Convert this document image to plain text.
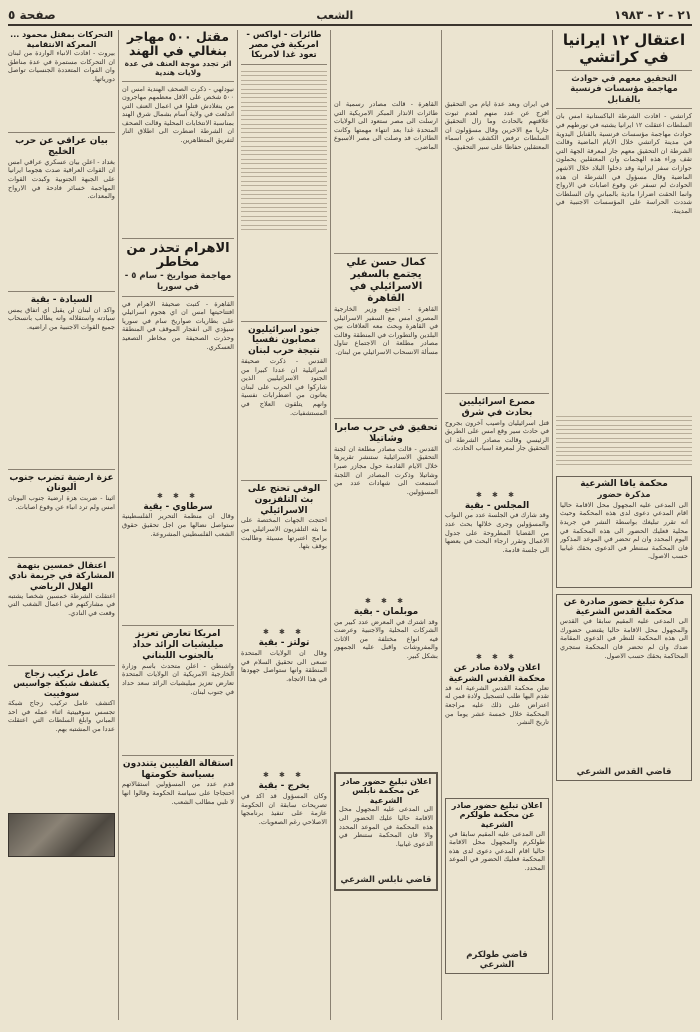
٢١ - ٢ - ١٩٨٣
الشعب
صفحة ٥
اعتقال ١٢ ايرانيا في كراتشي
التحقيق معهم في حوادث مهاجمة مؤسسات فرنسية بالقنابل
كراتشي - افادت الشرطة الباكستانية امس بان السلطات اعتقلت ١٢ ايرانيا يشتبه في تورطهم في حوادث مهاجمة مؤسسات فرنسية بالقنابل اليدوية في مدينة كراتشي خلال الايام الماضية وقالت الشرطة ان التحقيق معهم جار لمعرفة الجهة التي تقف وراء هذه الهجمات وان المعتقلين يحملون جوازات سفر ايرانية وقد دخلوا البلاد خلال الاشهر الماضية وقال مسؤول في الشرطة ان هذه الحوادث لم تسفر عن وقوع اصابات في الارواح وانما الحقت اضرارا مادية بالمباني وان السلطات شددت الحراسة على المؤسسات الاجنبية في المدينة.
محكمة يافا الشرعية
مذكرة حضور
الى المدعى عليه المجهول محل الاقامة حاليا اقام المدعي دعوى لدى هذه المحكمة وحيث انه تقرر تبليغك بواسطة النشر في جريدة محلية فعليك الحضور الى هذه المحكمة في اليوم المحدد وان لم تحضر في الموعد المذكور فان المحكمة ستنظر في الدعوى بحقك غيابيا حسب الاصول.
مذكرة تبليغ حضور صادرة عن محكمة القدس الشرعية
الى المدعى عليه المقيم سابقا في القدس والمجهول محل الاقامة حاليا يقتضي حضورك الى هذه المحكمة للنظر في الدعوى المقامة ضدك وان لم تحضر فان المحكمة ستجري المحاكمة بحقك حسب الاصول.
قاضي القدس الشرعي
في ايران وبعد عدة ايام من التحقيق افرج عن عدد منهم لعدم ثبوت علاقتهم بالحادث وما زال التحقيق جاريا مع الاخرين وقال مسؤولون ان السلطات ترفض الكشف عن اسماء المعتقلين حفاظا على سير التحقيق.
مصرع اسرائيليين بحادث في شرق
قتل اسرائيليان واصيب آخرون بجروح في حادث سير وقع امس على الطريق الرئيسي وقالت مصادر الشرطة ان التحقيق جار لمعرفة اسباب الحادث.
✱ ✱ ✱
المجلس - بقية
وقد شارك في الجلسة عدد من النواب والمسؤولين وجرى خلالها بحث عدد من القضايا المطروحة على جدول الاعمال وتقرر ارجاء البحث في بعضها الى جلسة قادمة.
✱ ✱ ✱
اعلان ولادة صادر عن محكمة القدس الشرعية
تعلن محكمة القدس الشرعية انه قد تقدم اليها طلب لتسجيل ولادة فمن له اعتراض على ذلك عليه مراجعة المحكمة خلال خمسة عشر يوما من تاريخ النشر.
اعلان تبليغ حضور صادر عن محكمة طولكرم الشرعية
الى المدعى عليه المقيم سابقا في طولكرم والمجهول محل الاقامة حاليا اقام المدعي دعوى لدى هذه المحكمة فعليك الحضور في الموعد المحدد.
قاضي طولكرم الشرعي
القاهرة - قالت مصادر رسمية ان طائرات الانذار المبكر الامريكية التي ارسلت الى مصر ستعود الى الولايات المتحدة غدا بعد انتهاء مهمتها وكانت الطائرات قد وصلت الى مصر الاسبوع الماضي.
كمال حسن علي يجتمع بالسفير الاسرائيلي في القاهرة
القاهرة - اجتمع وزير الخارجية المصري امس مع السفير الاسرائيلي في القاهرة وبحث معه العلاقات بين البلدين والتطورات في المنطقة وقالت مصادر مطلعة ان الاجتماع تناول مسألة الانسحاب الاسرائيلي من لبنان.
تحقيق في حرب صابرا وشاتيلا
القدس - قالت مصادر مطلعة ان لجنة التحقيق الاسرائيلية ستنشر تقريرها خلال الايام القادمة حول مجازر صبرا وشاتيلا وذكرت المصادر ان اللجنة استمعت الى شهادات عدد من المسؤولين.
✱ ✱ ✱
موبلمان - بقية
وقد اشترك في المعرض عدد كبير من الشركات المحلية والاجنبية وعرضت فيه انواع مختلفة من الاثاث والمفروشات واقبل عليه الجمهور بشكل كبير.
اعلان تبليغ حضور صادر عن محكمة نابلس الشرعية
الى المدعى عليه المجهول محل الاقامة حاليا عليك الحضور الى هذه المحكمة في الموعد المحدد والا فان المحكمة ستنظر في الدعوى غيابيا.
قاضي نابلس الشرعي
طائرات - اواكس - امريكية في مصر تعود غدا لامريكا
جنود اسرائيليون مصابون نفسيا نتيجة حرب لبنان
القدس - ذكرت صحيفة اسرائيلية ان عددا كبيرا من الجنود الاسرائيليين الذين شاركوا في الحرب على لبنان يعانون من اضطرابات نفسية وانهم يتلقون العلاج في المستشفيات.
الوفي تحتج على بث التلفزيون الاسرائيلي
احتجت الجهات المختصة على ما بثه التلفزيون الاسرائيلي من برامج اعتبرتها مسيئة وطالبت بوقف بثها.
✱ ✱ ✱
تولتز - بقية
وقال ان الولايات المتحدة تسعى الى تحقيق السلام في المنطقة وانها ستواصل جهودها في هذا الاتجاه.
✱ ✱ ✱
يخرج - بقية
وكان المسؤول قد اكد في تصريحات سابقة ان الحكومة عازمة على تنفيذ برنامجها الاصلاحي رغم الصعوبات.
مقتل ٥٠٠ مهاجر بنغالي في الهند
اثر تجدد موجة العنف في عدة ولايات هندية
نيودلهي - ذكرت الصحف الهندية امس ان ٥٠٠ شخص على الاقل معظمهم مهاجرون من بنغلادش قتلوا في اعمال العنف التي اندلعت في ولاية آسام بشمال شرق الهند بمناسبة الانتخابات المحلية وقالت الصحف ان الشرطة اضطرت الى اطلاق النار لتفريق المتظاهرين.
الاهرام تحذر من مخاطر
مهاجمة صواريخ - سام ٥ - في سوريا
القاهرة - كتبت صحيفة الاهرام في افتتاحيتها امس ان اي هجوم اسرائيلي على بطاريات صواريخ سام في سوريا سيؤدي الى انفجار الموقف في المنطقة وحذرت الصحيفة من مخاطر التصعيد العسكري.
✱ ✱ ✱
سرطاوي - بقية
وقال ان منظمة التحرير الفلسطينية ستواصل نضالها من اجل تحقيق حقوق الشعب الفلسطيني المشروعة.
امريكا تعارض تعزيز ميليشيات الرائد حداد بالجنوب اللبناني
واشنطن - اعلن متحدث باسم وزارة الخارجية الامريكية ان الولايات المتحدة تعارض تعزيز ميليشيات الرائد سعد حداد في جنوب لبنان.
استقالة القليبين يتنددون بسياسة حكومتها
قدم عدد من المسؤولين استقالاتهم احتجاجا على سياسة الحكومة وقالوا انها لا تلبي مطالب الشعب.
التحركات بمقتل محمود ... المعركة الانتقامية
بيروت - افادت الانباء الواردة من لبنان ان التحركات مستمرة في عدة مناطق وان القوات المتعددة الجنسيات تواصل دورياتها.
بيان عراقي عن حرب الخليج
بغداد - اعلن بيان عسكري عراقي امس ان القوات العراقية صدت هجوما ايرانيا على الجبهة الجنوبية وكبدت القوات المهاجمة خسائر فادحة في الارواح والمعدات.
السيادة - بقية
واكد ان لبنان لن يقبل اي اتفاق يمس سيادته واستقلاله وانه يطالب بانسحاب جميع القوات الاجنبية من اراضيه.
عزة ارضية تضرب جنوب اليونان
اثينا - ضربت هزة ارضية جنوب اليونان امس ولم ترد انباء عن وقوع اصابات.
اعتقال خمسين بتهمة المشاركة في جريمة نادي الهلال الرياضي
اعتقلت الشرطة خمسين شخصا يشتبه في مشاركتهم في اعمال الشغب التي وقعت في النادي.
عامل تركيب زجاج يكتشف شبكة جواسيس سوفييت
اكتشف عامل تركيب زجاج شبكة تجسس سوفييتية اثناء عمله في احد المباني وابلغ السلطات التي اعتقلت عددا من المشتبه بهم.
